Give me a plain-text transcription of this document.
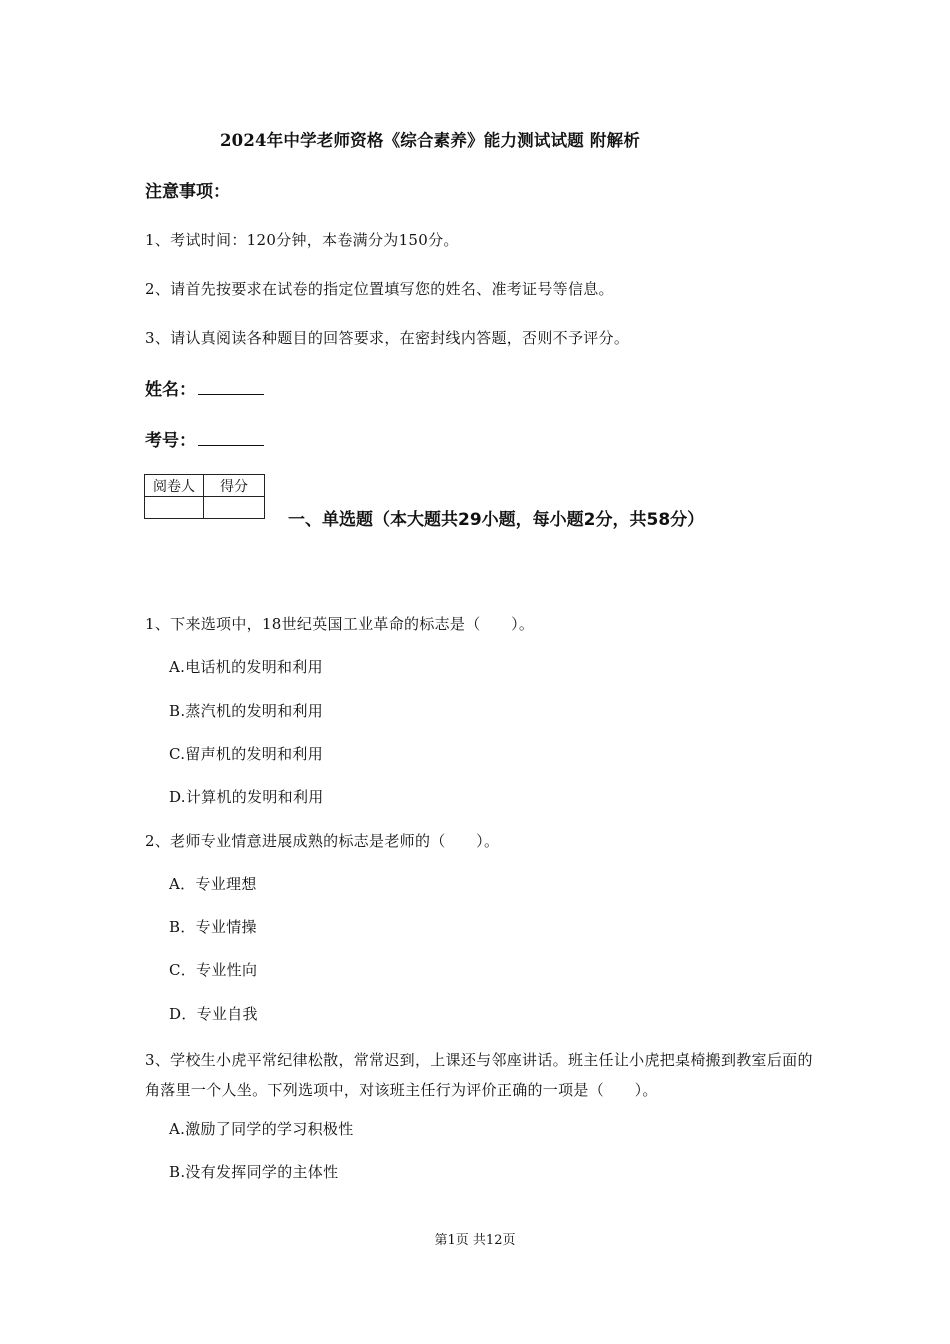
2024年中学老师资格《综合素养》能力测试试题 附解析
注意事项：
1、考试时间：120分钟，本卷满分为150分。
2、请首先按要求在试卷的指定位置填写您的姓名、准考证号等信息。
3、请认真阅读各种题目的回答要求，在密封线内答题，否则不予评分。
姓名：
考号：
阅卷人	得分

一、单选题（本大题共29小题，每小题2分，共58分）
1、下来选项中，18世纪英国工业革命的标志是（　　）。
A.电话机的发明和利用
B.蒸汽机的发明和利用
C.留声机的发明和利用
D.计算机的发明和利用
2、老师专业情意进展成熟的标志是老师的（　　）。
A．专业理想
B．专业情操
C．专业性向
D．专业自我
3、学校生小虎平常纪律松散，常常迟到，上课还与邻座讲话。班主任让小虎把桌椅搬到教室后面的角落里一个人坐。下列选项中，对该班主任行为评价正确的一项是（　　）。
A.激励了同学的学习积极性
B.没有发挥同学的主体性
第1页 共12页
